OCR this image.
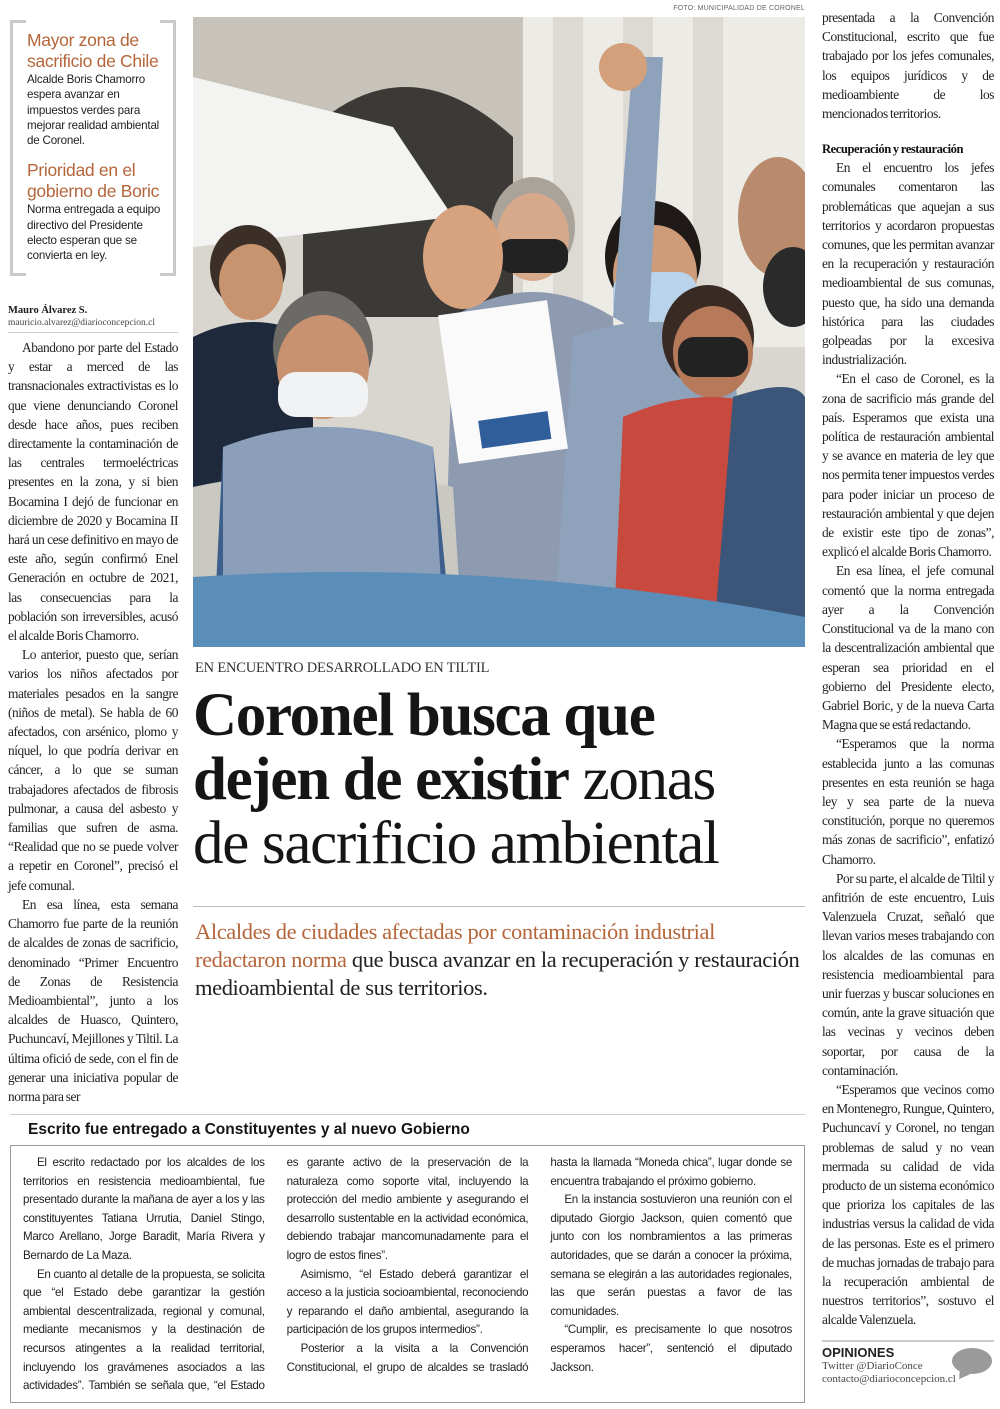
Mayor zona de sacrificio de Chile
Alcalde Boris Chamorro espera avanzar en impuestos verdes para mejorar realidad ambiental de Coronel.
Prioridad en el gobierno de Boric
Norma entregada a equipo directivo del Presidente electo esperan que se convierta en ley.
Mauro Álvarez S.
mauricio.alvarez@diarioconcepcion.cl

Abandono por parte del Estado y estar a merced de las transnacionales extractivistas es lo que viene denunciando Coronel desde hace años, pues reciben directamente la contaminación de las centrales termoeléctricas presentes en la zona, y si bien Bocamina I dejó de funcionar en diciembre de 2020 y Bocamina II hará un cese definitivo en mayo de este año, según confirmó Enel Generación en octubre de 2021, las consecuencias para la población son irreversibles, acusó el alcalde Boris Chamorro.

Lo anterior, puesto que, serían varios los niños afectados por materiales pesados en la sangre (niños de metal). Se habla de 60 afectados, con arsénico, plomo y níquel, lo que podría derivar en cáncer, a lo que se suman trabajadores afectados de fibrosis pulmonar, a causa del asbesto y familias que sufren de asma. “Realidad que no se puede volver a repetir en Coronel”, precisó el jefe comunal.

En esa línea, esta semana Chamorro fue parte de la reunión de alcaldes de zonas de sacrificio, denominado “Primer Encuentro de Zonas de Resistencia Medioambiental”, junto a los alcaldes de Huasco, Quintero, Puchuncaví, Mejillones y Tiltil. La última ofició de sede, con el fin de generar una iniciativa popular de norma para ser

FOTO: MUNICIPALIDAD DE CORONEL
EN ENCUENTRO DESARROLLADO EN TILTIL
Coronel busca que
dejen de existir zonas
de sacrificio ambiental
Alcaldes de ciudades afectadas por contaminación industrial redactaron norma que busca avanzar en la recuperación y restauración medioambiental de sus territorios.

presentada a la Convención Constitucional, escrito que fue trabajado por los jefes comunales, los equipos jurídicos y de medioambiente de los mencionados territorios.

Recuperación y restauración

En el encuentro los jefes comunales comentaron las problemáticas que aquejan a sus territorios y acordaron propuestas comunes, que les permitan avanzar en la recuperación y restauración medioambiental de sus comunas, puesto que, ha sido una demanda histórica para las ciudades golpeadas por la excesiva industrialización.

“En el caso de Coronel, es la zona de sacrificio más grande del país. Esperamos que exista una política de restauración ambiental y se avance en materia de ley que nos permita tener impuestos verdes para poder iniciar un proceso de restauración ambiental y que dejen de existir este tipo de zonas”, explicó el alcalde Boris Chamorro.

En esa línea, el jefe comunal comentó que la norma entregada ayer a la Convención Constitucional va de la mano con la descentralización ambiental que esperan sea prioridad en el gobierno del Presidente electo, Gabriel Boric, y de la nueva Carta Magna que se está redactando.

“Esperamos que la norma establecida junto a las comunas presentes en esta reunión se haga ley y sea parte de la nueva constitución, porque no queremos más zonas de sacrificio”, enfatizó Chamorro.

Por su parte, el alcalde de Tiltil y anfitrión de este encuentro, Luis Valenzuela Cruzat, señaló que llevan varios meses trabajando con los alcaldes de las comunas en resistencia medioambiental para unir fuerzas y buscar soluciones en común, ante la grave situación que las vecinas y vecinos deben soportar, por causa de la contaminación.

“Esperamos que vecinos como en Montenegro, Rungue, Quintero, Puchuncaví y Coronel, no tengan problemas de salud y no vean mermada su calidad de vida producto de un sistema económico que prioriza los capitales de las industrias versus la calidad de vida de las personas. Este es el primero de muchas jornadas de trabajo para la recuperación ambiental de nuestros territorios”, sostuvo el alcalde Valenzuela.

OPINIONES
Twitter @DiarioConce
contacto@diarioconcepcion.cl
Escrito fue entregado a Constituyentes y al nuevo Gobierno

El escrito redactado por los alcaldes de los territorios en resistencia medioambiental, fue presentado durante la mañana de ayer a los y las constituyentes Tatiana Urrutia, Daniel Stingo, Marco Arellano, Jorge Baradit, María Rivera y Bernardo de La Maza.

En cuanto al detalle de la propuesta, se solicita que “el Estado debe garantizar la gestión ambiental descentralizada, regional y comunal, mediante mecanismos y la destinación de recursos atingentes a la realidad territorial, incluyendo los gravámenes asociados a las actividades”. También se señala que, “el Estado es garante activo de la preservación de la naturaleza como soporte vital, incluyendo la protección del medio ambiente y asegurando el desarrollo sustentable en la actividad económica, debiendo trabajar mancomunadamente para el logro de estos fines”.

Asimismo, “el Estado deberá garantizar el acceso a la justicia socioambiental, reconociendo y reparando el daño ambiental, asegurando la participación de los grupos intermedios”.

Posterior a la visita a la Convención Constitucional, el grupo de alcaldes se trasladó hasta la llamada “Moneda chica”, lugar donde se encuentra trabajando el próximo gobierno.

En la instancia sostuvieron una reunión con el diputado Giorgio Jackson, quien comentó que junto con los nombramientos a las primeras autoridades, que se darán a conocer la próxima, semana se elegirán a las autoridades regionales, las que serán puestas a favor de las comunidades.

“Cumplir, es precisamente lo que nosotros esperamos hacer”, sentenció el diputado Jackson.
